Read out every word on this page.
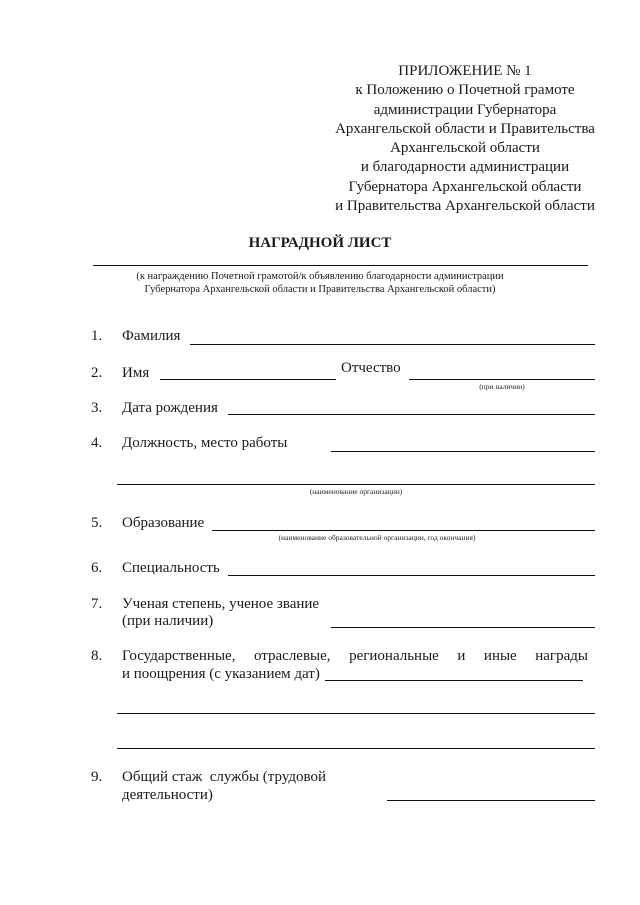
ПРИЛОЖЕНИЕ № 1
к Положению о Почетной грамоте
администрации Губернатора
Архангельской области и Правительства
Архангельской области
и благодарности администрации
Губернатора Архангельской области
и Правительства Архангельской области
НАГРАДНОЙ ЛИСТ
(к награждению Почетной грамотой/к объявлению благодарности администрации
Губернатора Архангельской области и Правительства Архангельской области)
1.	Фамилия
2.	Имя	Отчество
(при наличии)
3.	Дата рождения
4.	Должность, место работы
(наименование организации)
5.	Образование
(наименование образовательной организации, год окончания)
6.	Специальность
7.	Ученая степень, ученое звание
(при наличии)
8.	Государственные, отраслевые, региональные и иные награды
и поощрения (с указанием дат)
9.	Общий стаж  службы (трудовой
деятельности)
